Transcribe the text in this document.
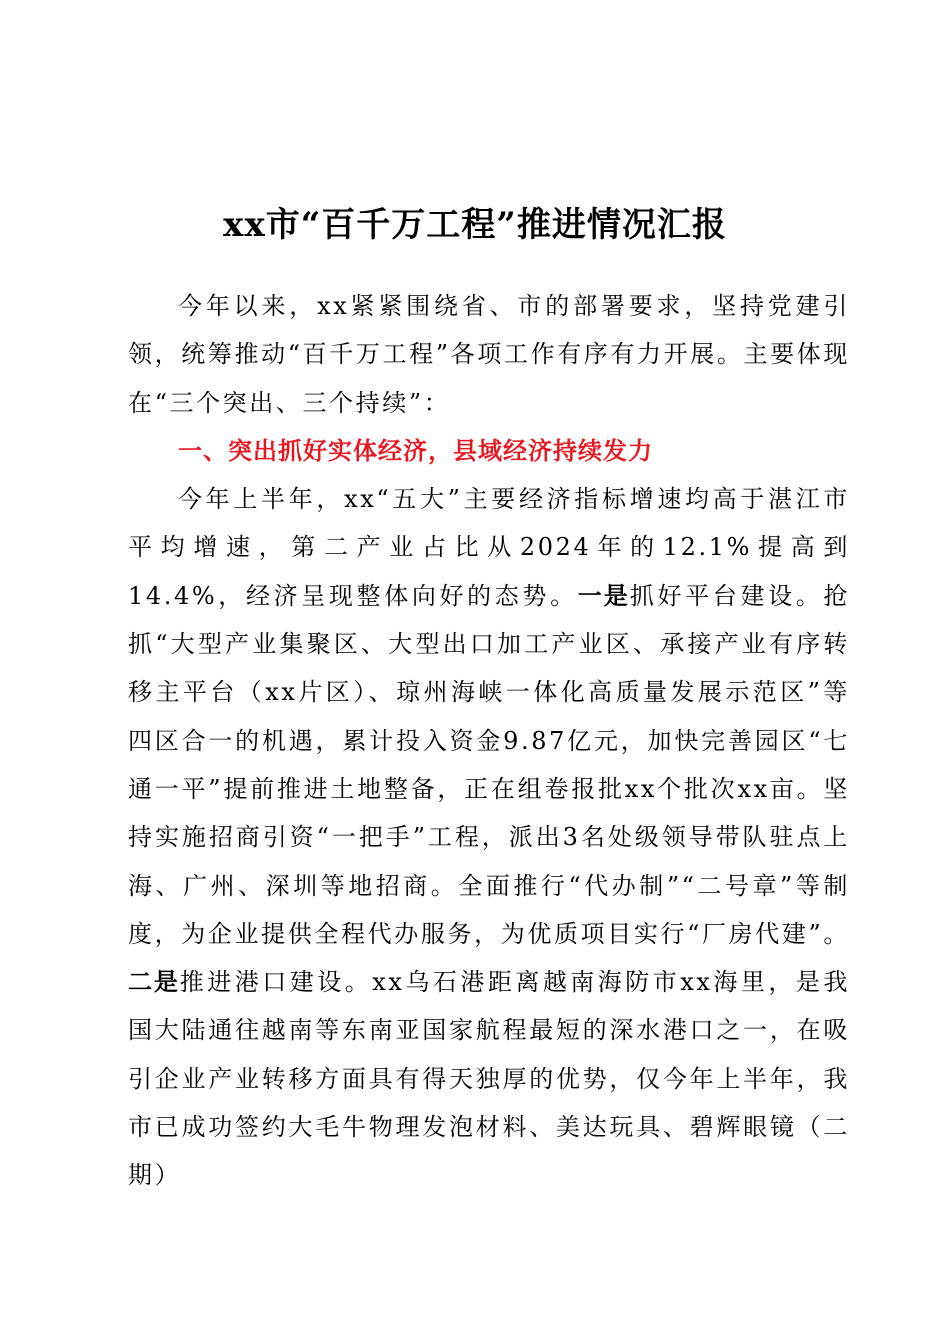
xx市“百千万工程”推进情况汇报

今年以来，xx紧紧围绕省、市的部署要求，坚持党建引领，统筹推动“百千万工程”各项工作有序有力开展。主要体现在“三个突出、三个持续”：

一、突出抓好实体经济，县域经济持续发力

今年上半年，xx“五大”主要经济指标增速均高于湛江市平均增速，第二产业占比从2024年的12.1%提高到14.4%，经济呈现整体向好的态势。一是抓好平台建设。抢抓“大型产业集聚区、大型出口加工产业区、承接产业有序转移主平台（xx片区）、琼州海峡一体化高质量发展示范区”等四区合一的机遇，累计投入资金9.87亿元，加快完善园区“七通一平”提前推进土地整备，正在组卷报批xx个批次xx亩。坚持实施招商引资“一把手”工程，派出3名处级领导带队驻点上海、广州、深圳等地招商。全面推行“代办制”“二号章”等制度，为企业提供全程代办服务，为优质项目实行“厂房代建”。二是推进港口建设。xx乌石港距离越南海防市xx海里，是我国大陆通往越南等东南亚国家航程最短的深水港口之一，在吸引企业产业转移方面具有得天独厚的优势，仅今年上半年，我市已成功签约大毛牛物理发泡材料、美达玩具、碧辉眼镜（二期）
